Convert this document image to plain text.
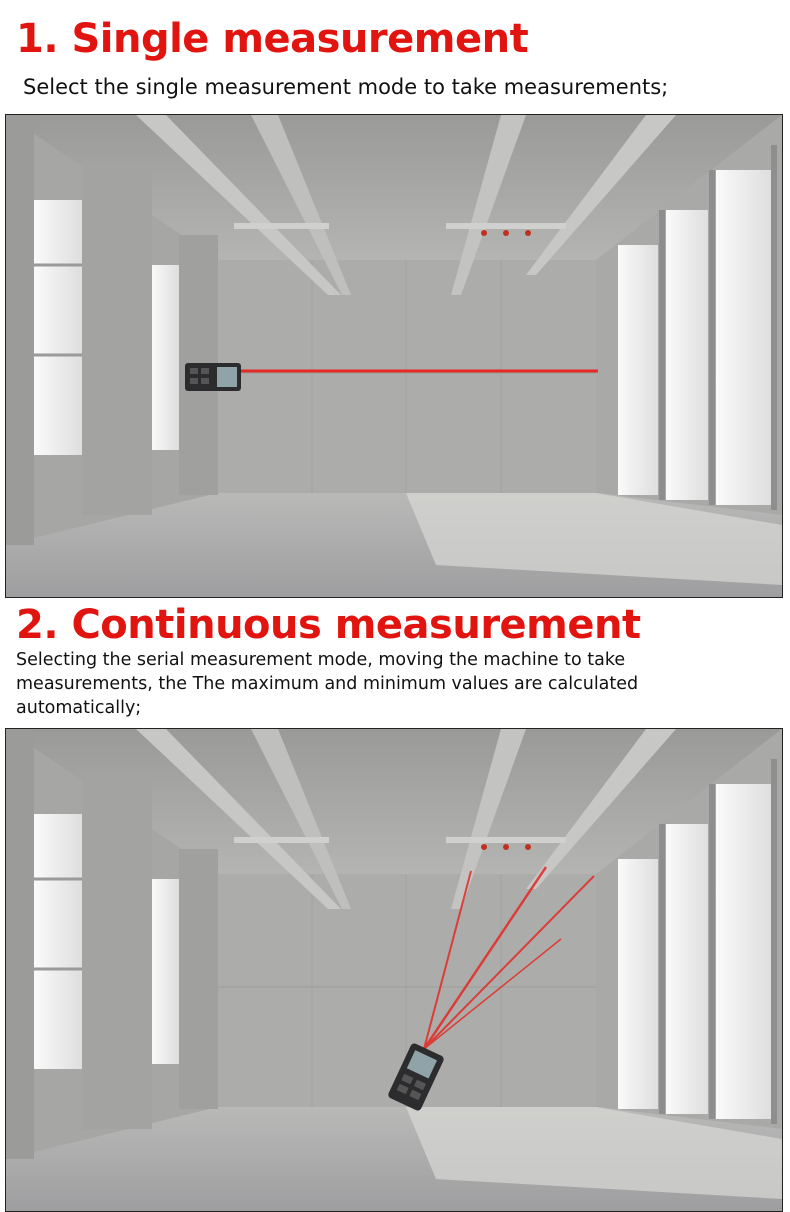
1. Single measurement
Select the single measurement mode to take measurements;
2. Continuous measurement
Selecting the serial measurement mode, moving the machine to take measurements, the The maximum and minimum values are calculated automatically;
